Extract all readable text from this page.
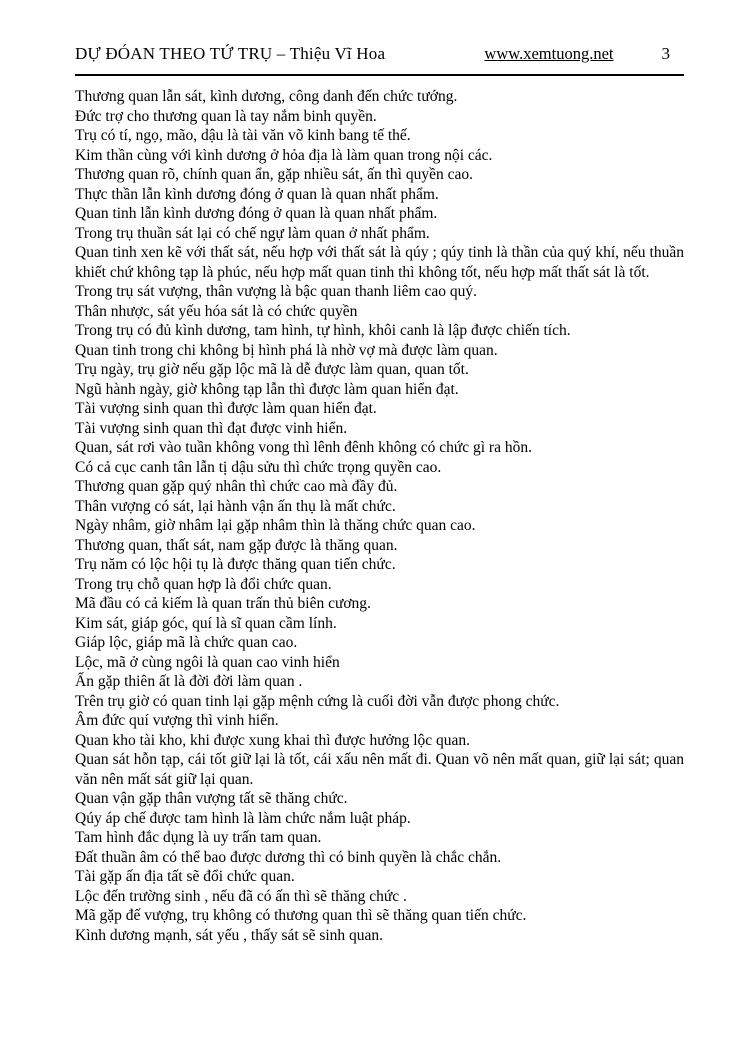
DỰ ĐÓAN THEO TỨ TRỤ – Thiệu Vĩ Hoa	www.xemtuong.net	3

Thương quan lẫn sát, kình dương, công danh đến chức tướng.

Đức trợ cho thương quan là tay nắm binh quyền.

Trụ có tí, ngọ, mão, dậu là tài văn võ kinh bang tế thế.

Kim thần cùng với kình dương ở hỏa địa là làm quan trong nội các.

Thương quan rõ, chính quan ẩn, gặp nhiều sát, ấn thì quyền cao.

Thực thần lẫn kình dương đóng ở quan là quan nhất phẩm.

Quan tinh lẫn kình dương đóng ở quan là quan nhất phẩm.

Trong trụ thuần sát lại có chế ngự làm quan ở nhất phẩm.

Quan tinh xen kẽ với thất sát, nếu hợp với thất sát là qúy ; qúy tinh là thần của quý khí, nếu thuần khiết chứ không tạp là phúc, nếu hợp mất quan tinh thì không tốt, nếu hợp mất thất sát là tốt.

Trong trụ sát vượng, thân vượng là bậc quan thanh liêm cao quý.

Thân nhược, sát yếu hóa sát là có chức quyền

Trong trụ có đủ kình dương, tam hình, tự hình, khôi canh là lập được chiến tích.

Quan tinh trong chi không bị hình phá là nhờ vợ mà được làm quan.

Trụ ngày, trụ giờ nếu gặp lộc mã là dễ được làm quan, quan tốt.

Ngũ hành ngày, giờ không tạp lẫn thì được làm quan hiển đạt.

Tài vượng sinh quan thì được làm quan hiển đạt.

Tài vượng sinh quan thì đạt được vinh hiển.

Quan, sát rơi vào tuần không vong thì lênh đênh không có chức gì ra hồn.

Có cả cục canh tân lẫn tị dậu sửu thì chức trọng quyền cao.

Thương quan gặp quý nhân thì chức cao mà đầy đủ.

Thân vượng có sát, lại hành vận ấn thụ là mất chức.

Ngày nhâm, giờ nhâm lại gặp nhâm thìn là thăng chức quan cao.

Thương quan, thất sát, nam gặp được là thăng quan.

Trụ năm có lộc hội tụ là được thăng quan tiến chức.

Trong trụ chỗ quan hợp là đổi chức quan.

Mã đầu có cả kiếm là quan trấn thủ biên cương.

Kim sát, giáp góc, quí là sĩ quan cầm lính.

Giáp lộc, giáp mã là chức quan cao.

Lộc, mã ở cùng ngôi là quan cao vinh hiển

Ấn gặp thiên ất là đời đời làm quan .

Trên trụ giờ có quan tinh lại gặp mệnh cứng là cuối đời vẫn được phong chức.

Âm đức quí vượng thì vinh hiển.

Quan kho tài kho, khi được xung khai thì được hưởng lộc quan.

Quan sát hỗn tạp, cái tốt giữ lại là tốt, cái xấu nên mất đi. Quan võ nên mất quan, giữ lại sát; quan văn nên mất sát giữ lại quan.

Quan vận gặp thân vượng tất sẽ thăng chức.

Qúy áp chế được tam hình là làm chức nắm luật pháp.

Tam hình đắc dụng là uy trấn tam quan.

Đất thuần âm có thể bao được dương thì có binh quyền là chắc chắn.

Tài gặp ấn địa tất sẽ đổi chức quan.

Lộc đến trường sinh , nếu đã có ấn thì sẽ thăng chức .

Mã gặp đế vượng, trụ không có thương quan thì sẽ thăng quan tiến chức.

Kình dương mạnh, sát yếu , thấy sát sẽ sinh quan.
